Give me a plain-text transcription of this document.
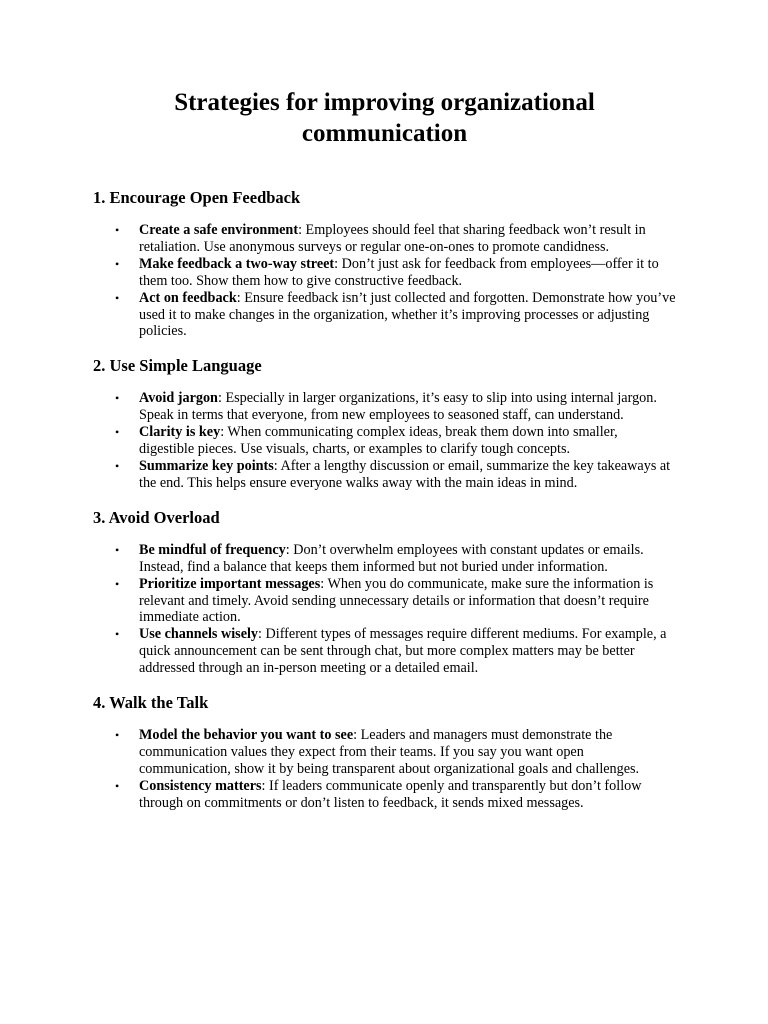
Strategies for improving organizational communication
1. Encourage Open Feedback
• Create a safe environment: Employees should feel that sharing feedback won’t result in retaliation. Use anonymous surveys or regular one-on-ones to promote candidness.
• Make feedback a two-way street: Don’t just ask for feedback from employees—offer it to them too. Show them how to give constructive feedback.
• Act on feedback: Ensure feedback isn’t just collected and forgotten. Demonstrate how you’ve used it to make changes in the organization, whether it’s improving processes or adjusting policies.
2. Use Simple Language
• Avoid jargon: Especially in larger organizations, it’s easy to slip into using internal jargon. Speak in terms that everyone, from new employees to seasoned staff, can understand.
• Clarity is key: When communicating complex ideas, break them down into smaller, digestible pieces. Use visuals, charts, or examples to clarify tough concepts.
• Summarize key points: After a lengthy discussion or email, summarize the key takeaways at the end. This helps ensure everyone walks away with the main ideas in mind.
3. Avoid Overload
• Be mindful of frequency: Don’t overwhelm employees with constant updates or emails. Instead, find a balance that keeps them informed but not buried under information.
• Prioritize important messages: When you do communicate, make sure the information is relevant and timely. Avoid sending unnecessary details or information that doesn’t require immediate action.
• Use channels wisely: Different types of messages require different mediums. For example, a quick announcement can be sent through chat, but more complex matters may be better addressed through an in-person meeting or a detailed email.
4. Walk the Talk
• Model the behavior you want to see: Leaders and managers must demonstrate the communication values they expect from their teams. If you say you want open communication, show it by being transparent about organizational goals and challenges.
• Consistency matters: If leaders communicate openly and transparently but don’t follow through on commitments or don’t listen to feedback, it sends mixed messages.
